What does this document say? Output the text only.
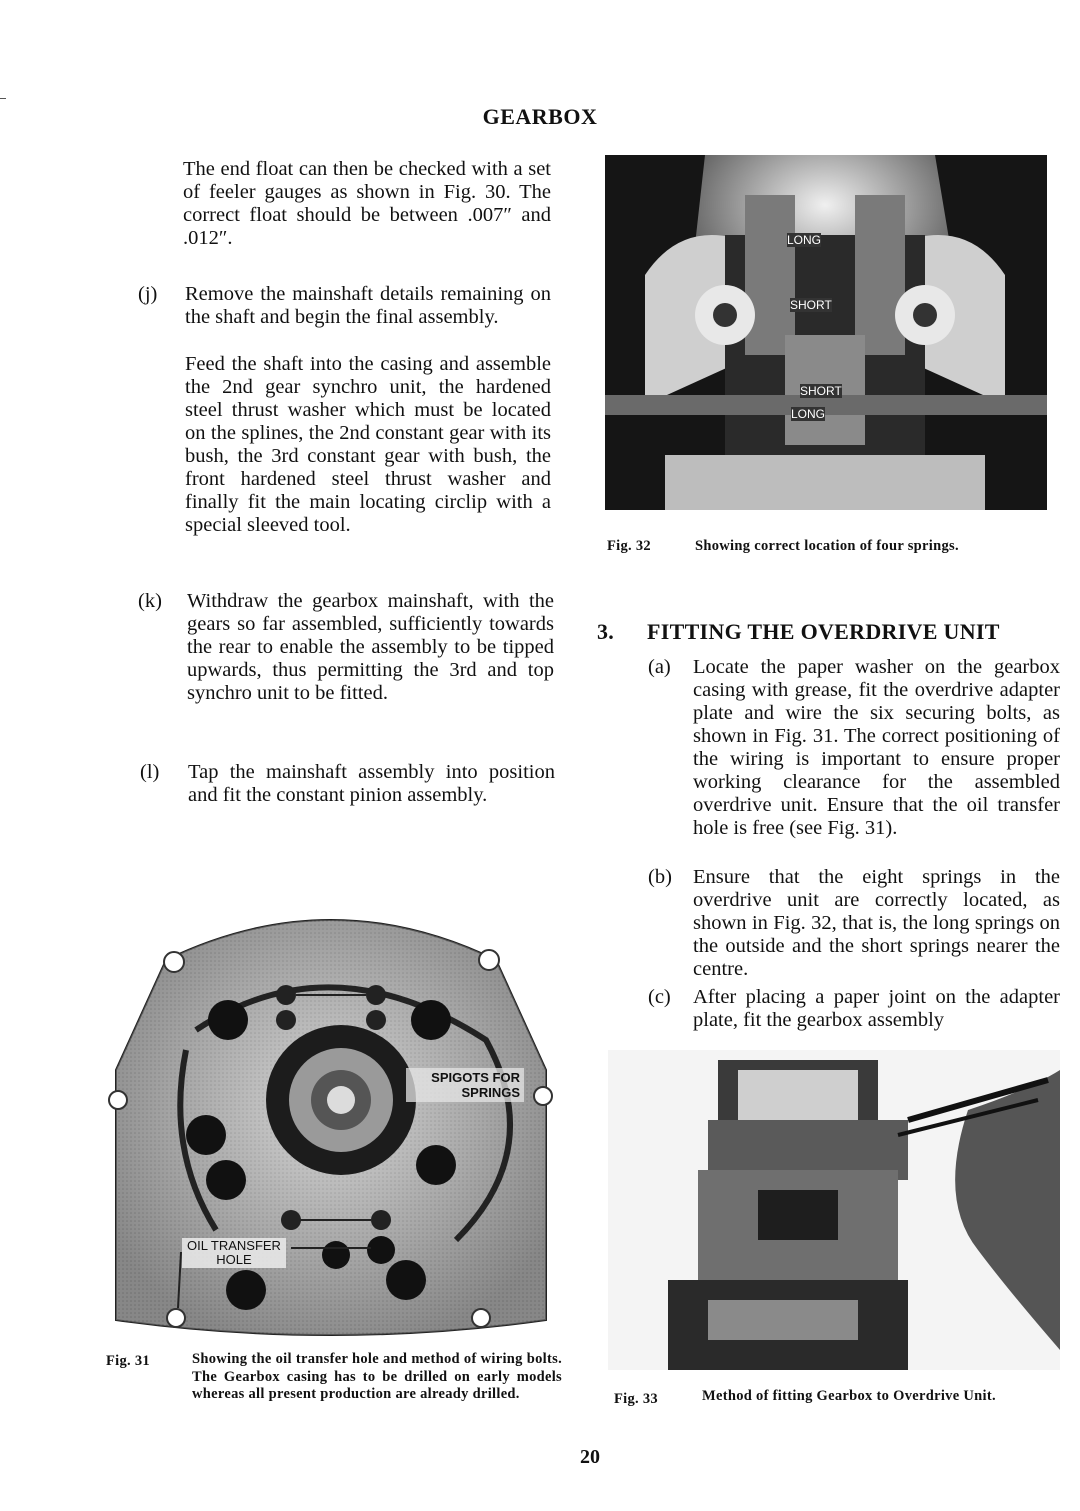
GEARBOX
The end float can then be checked with a set of feeler gauges as shown in Fig. 30. The correct float should be between .007″ and .012″.
(j) Remove the mainshaft details remaining on the shaft and begin the final assembly.
Feed the shaft into the casing and assemble the 2nd gear synchro unit, the hardened steel thrust washer which must be located on the splines, the 2nd constant gear with its bush, the 3rd constant gear with bush, the front hardened steel thrust washer and finally fit the main locating circlip with a special sleeved tool.
(k) Withdraw the gearbox mainshaft, with the gears so far assembled, sufficiently towards the rear to enable the assembly to be tipped upwards, thus permitting the 3rd and top synchro unit to be fitted.
(l) Tap the mainshaft assembly into position and fit the constant pinion assembly.
SPIGOTS FOR SPRINGS
OIL TRANSFER HOLE
Fig. 31	Showing the oil transfer hole and method of wiring bolts. The Gearbox casing has to be drilled on early models whereas all present production are already drilled.
LONG
SHORT
SHORT
LONG
Fig. 32	Showing correct location of four springs.
3. FITTING THE OVERDRIVE UNIT
(a) Locate the paper washer on the gearbox casing with grease, fit the overdrive adapter plate and wire the six securing bolts, as shown in Fig. 31. The correct positioning of the wiring is important to ensure proper working clearance for the assembled overdrive unit. Ensure that the oil transfer hole is free (see Fig. 31).
(b) Ensure that the eight springs in the overdrive unit are correctly located, as shown in Fig. 32, that is, the long springs on the outside and the short springs nearer the centre.
(c) After placing a paper joint on the adapter plate, fit the gearbox assembly
Fig. 33	Method of fitting Gearbox to Overdrive Unit.
20
